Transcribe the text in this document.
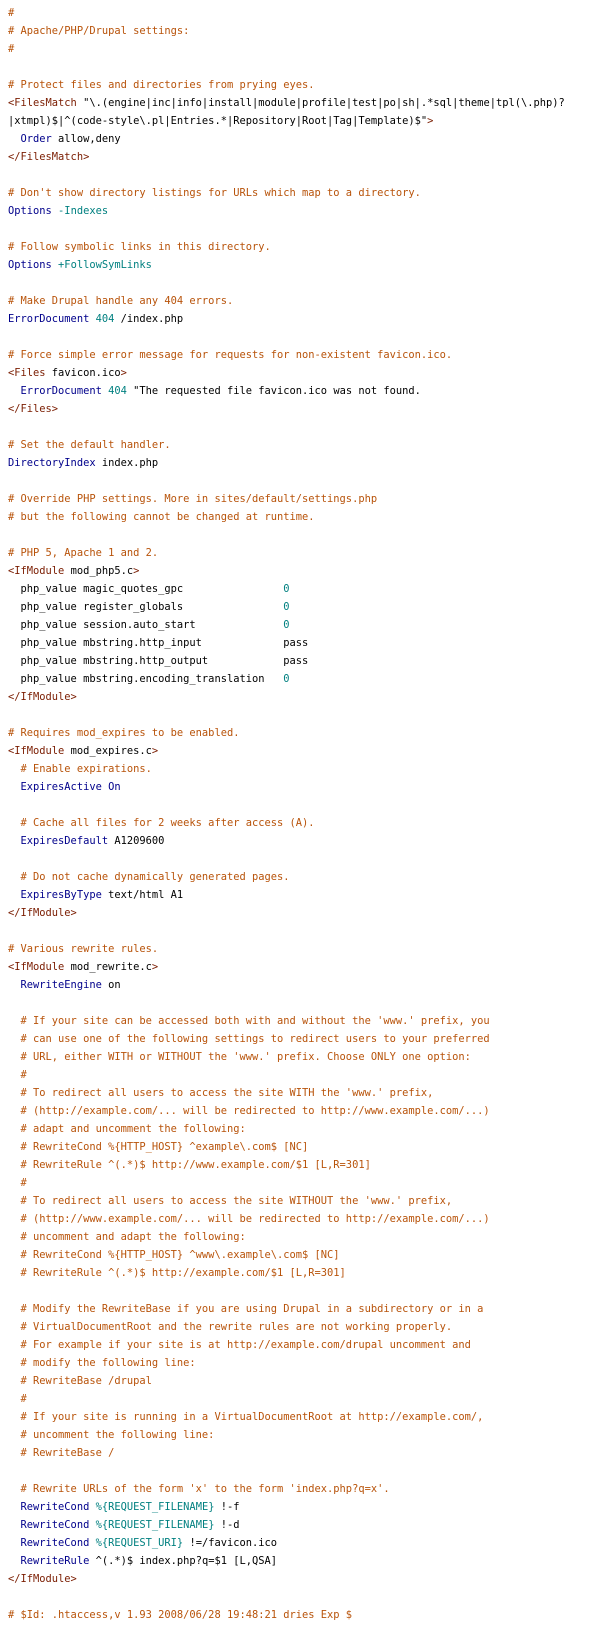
#
# Apache/PHP/Drupal settings:
#
# Protect files and directories from prying eyes.
<FilesMatch "\.(engine|inc|info|install|module|profile|test|po|sh|.*sql|theme|tpl(\.php)?
|xtmpl)$|^(code-style\.pl|Entries.*|Repository|Root|Tag|Template)$">
Order allow,deny
</FilesMatch>
# Don't show directory listings for URLs which map to a directory.
Options -Indexes
# Follow symbolic links in this directory.
Options +FollowSymLinks
# Make Drupal handle any 404 errors.
ErrorDocument 404 /index.php
# Force simple error message for requests for non-existent favicon.ico.
<Files favicon.ico>
ErrorDocument 404 "The requested file favicon.ico was not found.
</Files>
# Set the default handler.
DirectoryIndex index.php
# Override PHP settings. More in sites/default/settings.php
# but the following cannot be changed at runtime.
# PHP 5, Apache 1 and 2.
<IfModule mod_php5.c>
php_value magic_quotes_gpc                0
php_value register_globals                0
php_value session.auto_start              0
php_value mbstring.http_input             pass
php_value mbstring.http_output            pass
php_value mbstring.encoding_translation   0
</IfModule>
# Requires mod_expires to be enabled.
<IfModule mod_expires.c>
# Enable expirations.
ExpiresActive On
# Cache all files for 2 weeks after access (A).
ExpiresDefault A1209600
# Do not cache dynamically generated pages.
ExpiresByType text/html A1
</IfModule>
# Various rewrite rules.
<IfModule mod_rewrite.c>
RewriteEngine on
# If your site can be accessed both with and without the 'www.' prefix, you
# can use one of the following settings to redirect users to your preferred
# URL, either WITH or WITHOUT the 'www.' prefix. Choose ONLY one option:
#
# To redirect all users to access the site WITH the 'www.' prefix,
# (http://example.com/... will be redirected to http://www.example.com/...)
# adapt and uncomment the following:
# RewriteCond %{HTTP_HOST} ^example\.com$ [NC]
# RewriteRule ^(.*)$ http://www.example.com/$1 [L,R=301]
#
# To redirect all users to access the site WITHOUT the 'www.' prefix,
# (http://www.example.com/... will be redirected to http://example.com/...)
# uncomment and adapt the following:
# RewriteCond %{HTTP_HOST} ^www\.example\.com$ [NC]
# RewriteRule ^(.*)$ http://example.com/$1 [L,R=301]
# Modify the RewriteBase if you are using Drupal in a subdirectory or in a
# VirtualDocumentRoot and the rewrite rules are not working properly.
# For example if your site is at http://example.com/drupal uncomment and
# modify the following line:
# RewriteBase /drupal
#
# If your site is running in a VirtualDocumentRoot at http://example.com/,
# uncomment the following line:
# RewriteBase /
# Rewrite URLs of the form 'x' to the form 'index.php?q=x'.
RewriteCond %{REQUEST_FILENAME} !-f
RewriteCond %{REQUEST_FILENAME} !-d
RewriteCond %{REQUEST_URI} !=/favicon.ico
RewriteRule ^(.*)$ index.php?q=$1 [L,QSA]
</IfModule>
# $Id: .htaccess,v 1.93 2008/06/28 19:48:21 dries Exp $
